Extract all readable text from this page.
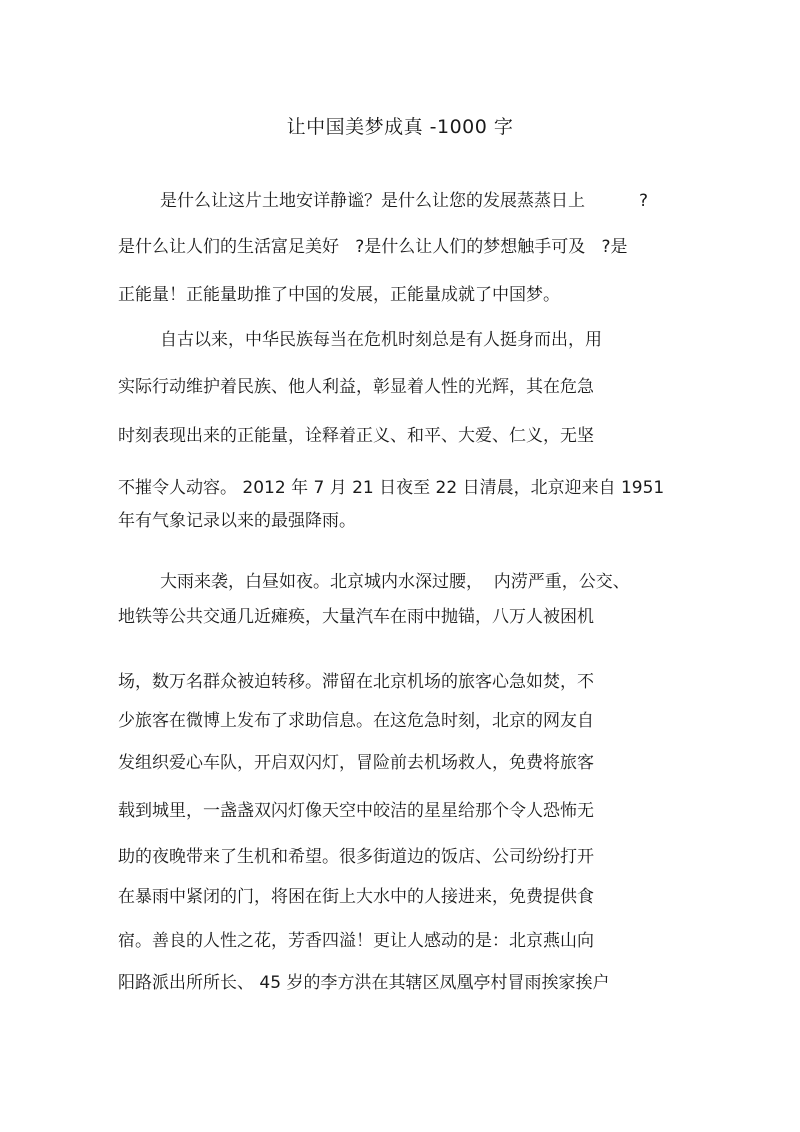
让中国美梦成真 -1000 字
是什么让这片土地安详静谧？是什么让您的发展蒸蒸日上          ?
是什么让人们的生活富足美好   ?是什么让人们的梦想触手可及   ?是
正能量！正能量助推了中国的发展，正能量成就了中国梦。
自古以来，中华民族每当在危机时刻总是有人挺身而出，用
实际行动维护着民族、他人利益，彰显着人性的光辉，其在危急
时刻表现出来的正能量，诠释着正义、和平、大爱、仁义，无坚
不摧令人动容。 2012 年 7 月 21 日夜至 22 日清晨，北京迎来自 1951
年有气象记录以来的最强降雨。
大雨来袭，白昼如夜。北京城内水深过腰，  内涝严重，公交、
地铁等公共交通几近瘫痪，大量汽车在雨中抛锚，八万人被困机
场，数万名群众被迫转移。滞留在北京机场的旅客心急如焚，不
少旅客在微博上发布了求助信息。在这危急时刻，北京的网友自
发组织爱心车队，开启双闪灯，冒险前去机场救人，免费将旅客
载到城里，一盏盏双闪灯像天空中皎洁的星星给那个令人恐怖无
助的夜晚带来了生机和希望。很多街道边的饭店、公司纷纷打开
在暴雨中紧闭的门，将困在街上大水中的人接进来，免费提供食
宿。善良的人性之花，芳香四溢！更让人感动的是：北京燕山向
阳路派出所所长、 45 岁的李方洪在其辖区凤凰亭村冒雨挨家挨户
